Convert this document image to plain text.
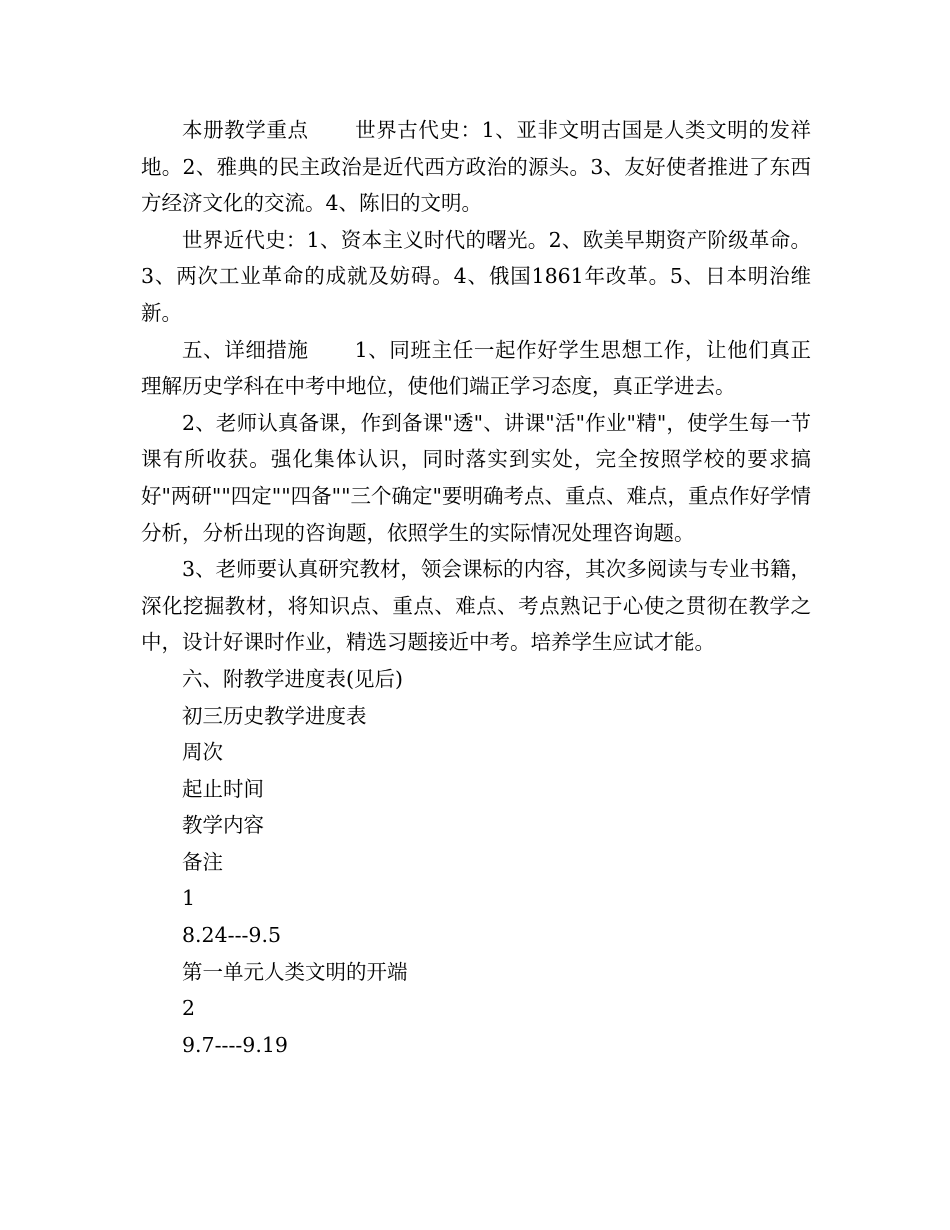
本册教学重点 世界古代史：1、亚非文明古国是人类文明的发祥地。2、雅典的民主政治是近代西方政治的源头。3、友好使者推进了东西方经济文化的交流。4、陈旧的文明。

世界近代史：1、资本主义时代的曙光。2、欧美早期资产阶级革命。3、两次工业革命的成就及妨碍。4、俄国1861年改革。5、日本明治维新。

五、详细措施 1、同班主任一起作好学生思想工作，让他们真正理解历史学科在中考中地位，使他们端正学习态度，真正学进去。

2、老师认真备课，作到备课"透"、讲课"活"作业"精"，使学生每一节课有所收获。强化集体认识，同时落实到实处，完全按照学校的要求搞好"两研""四定""四备""三个确定"要明确考点、重点、难点，重点作好学情分析，分析出现的咨询题，依照学生的实际情况处理咨询题。

3、老师要认真研究教材，领会课标的内容，其次多阅读与专业书籍，深化挖掘教材，将知识点、重点、难点、考点熟记于心使之贯彻在教学之中，设计好课时作业，精选习题接近中考。培养学生应试才能。

六、附教学进度表(见后)

初三历史教学进度表

周次

起止时间

教学内容

备注

1

8.24---9.5

第一单元人类文明的开端

2

9.7----9.19
